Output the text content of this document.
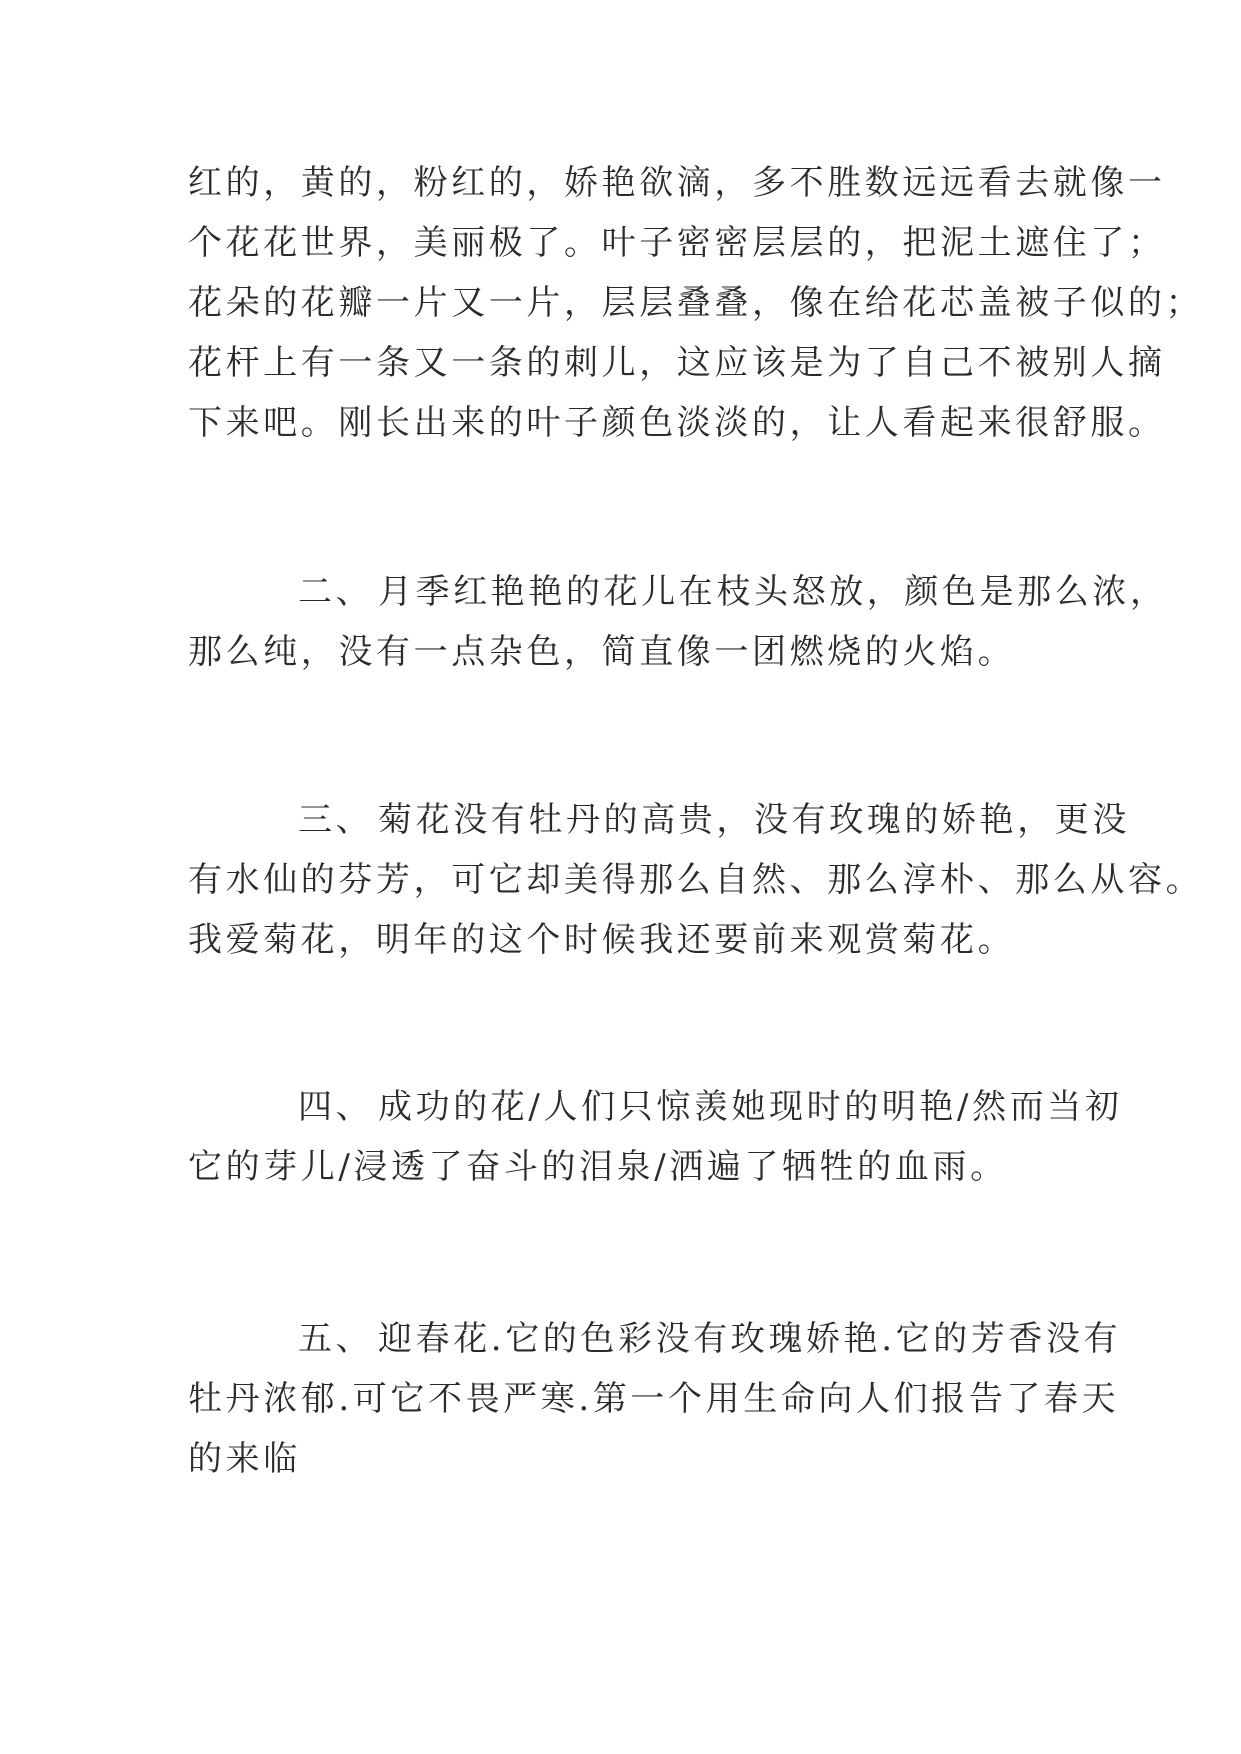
红的，黄的，粉红的，娇艳欲滴，多不胜数远远看去就像一
个花花世界，美丽极了。叶子密密层层的，把泥土遮住了；
花朵的花瓣一片又一片，层层叠叠，像在给花芯盖被子似的；
花杆上有一条又一条的刺儿，这应该是为了自己不被别人摘
下来吧。刚长出来的叶子颜色淡淡的，让人看起来很舒服。
二、 月季红艳艳的花儿在枝头怒放，颜色是那么浓，
那么纯，没有一点杂色，简直像一团燃烧的火焰。
三、 菊花没有牡丹的高贵，没有玫瑰的娇艳，更没
有水仙的芬芳，可它却美得那么自然、那么淳朴、那么从容。
我爱菊花，明年的这个时候我还要前来观赏菊花。
四、 成功的花/人们只惊羡她现时的明艳/然而当初
它的芽儿/浸透了奋斗的泪泉/洒遍了牺牲的血雨。
五、 迎春花.它的色彩没有玫瑰娇艳.它的芳香没有
牡丹浓郁.可它不畏严寒.第一个用生命向人们报告了春天
的来临
